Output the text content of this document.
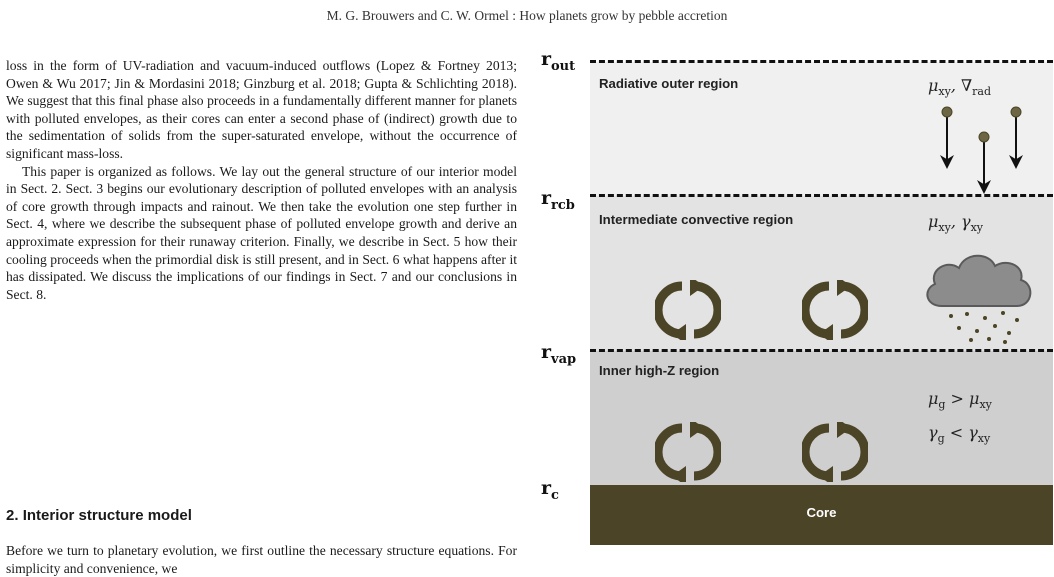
M. G. Brouwers and C. W. Ormel : How planets grow by pebble accretion

loss in the form of UV-radiation and vacuum-induced outflows (Lopez & Fortney 2013; Owen & Wu 2017; Jin & Mordasini 2018; Ginzburg et al. 2018; Gupta & Schlichting 2018). We suggest that this final phase also proceeds in a fundamentally different manner for planets with polluted envelopes, as their cores can enter a second phase of (indirect) growth due to the sedimentation of solids from the super-saturated envelope, without the occurrence of significant mass-loss.

This paper is organized as follows. We lay out the general structure of our interior model in Sect. 2. Sect. 3 begins our evolutionary description of polluted envelopes with an analysis of core growth through impacts and rainout. We then take the evolution one step further in Sect. 4, where we describe the subsequent phase of polluted envelope growth and derive an approximate expression for their runaway criterion. Finally, we describe in Sect. 5 how their cooling proceeds when the primordial disk is still present, and in Sect. 6 what happens after it has dissipated. We discuss the implications of our findings in Sect. 7 and our conclusions in Sect. 8.

2. Interior structure model

Before we turn to planetary evolution, we first outline the necessary structure equations. For simplicity and convenience, we

Radiative outer region	$\mu_{xy}$, $\nabla_{rad}$
Intermediate convective region	$\mu_{xy}$, $\gamma_{xy}$
Inner high-Z region
$\mu_g > \mu_{xy}$
$\gamma_g < \gamma_{xy}$
Core
$r_{out}$
$r_{rcb}$
$r_{vap}$
$r_c$
